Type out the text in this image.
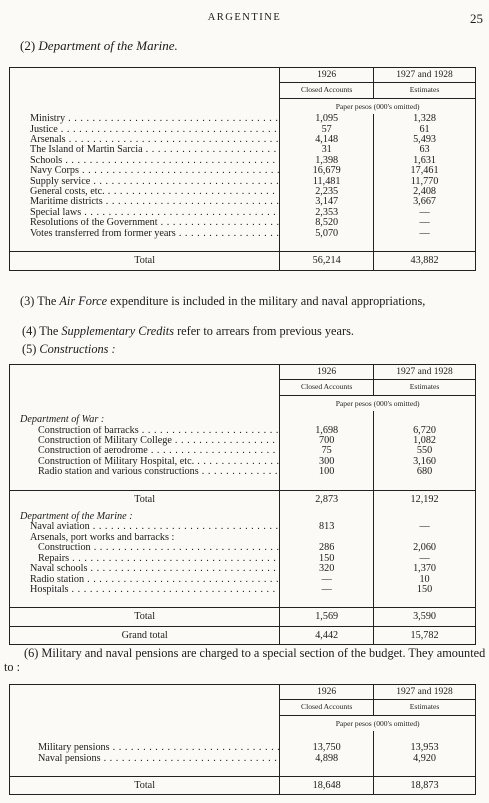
ARGENTINE	25
(2) Department of the Marine.
	1926	1927 and 1928
	Closed Accounts	Estimates
	Paper pesos (000's omitted)	
Ministry . . .	1,095	1,328
Justice . . .	57	61
Arsenals . . .	4,148	5,493
The Island of Martin Sarcia . . .	31	63
Schools . . .	1,398	1,631
Navy Corps . . .	16,679	17,461
Supply service . . .	11,481	11,770
General costs, etc. . . .	2,235	2,408
Maritime districts . . .	3,147	3,667
Special laws . . .	2,353	—
Resolutions of the Government . . .	8,520	—
Votes transferred from former years . . .	5,070	—

Total	56,214	43,882
(3) The Air Force expenditure is included in the military and naval appropriations,
(4) The Supplementary Credits refer to arrears from previous years.
(5) Constructions :
	1926	1927 and 1928
	Closed Accounts	Estimates
	Paper pesos (000's omitted)	
Department of War :		
Construction of barracks . . .	1,698	6,720
Construction of Military College . . .	700	1,082
Construction of aerodrome . . .	75	550
Construction of Military Hospital, etc. . . .	300	3,160
Radio station and various constructions . . .	100	680

Total	2,873	12,192
Department of the Marine :		
Naval aviation . . .	813	—
Arsenals, port works and barracks :		
Construction . . .	286	2,060
Repairs . . .	150	—
Naval schools . . .	320	1,370
Radio station . . .	—	10
Hospitals . . .	—	150

Total	1,569	3,590
Grand total	4,442	15,782
(6) Military and naval pensions are charged to a special section of the budget. They amounted to :
	1926	1927 and 1928
	Closed Accounts	Estimates
	Paper pesos (000's omitted)	

Military pensions . . .	13,750	13,953
Naval pensions . . .	4,898	4,920

Total	18,648	18,873
